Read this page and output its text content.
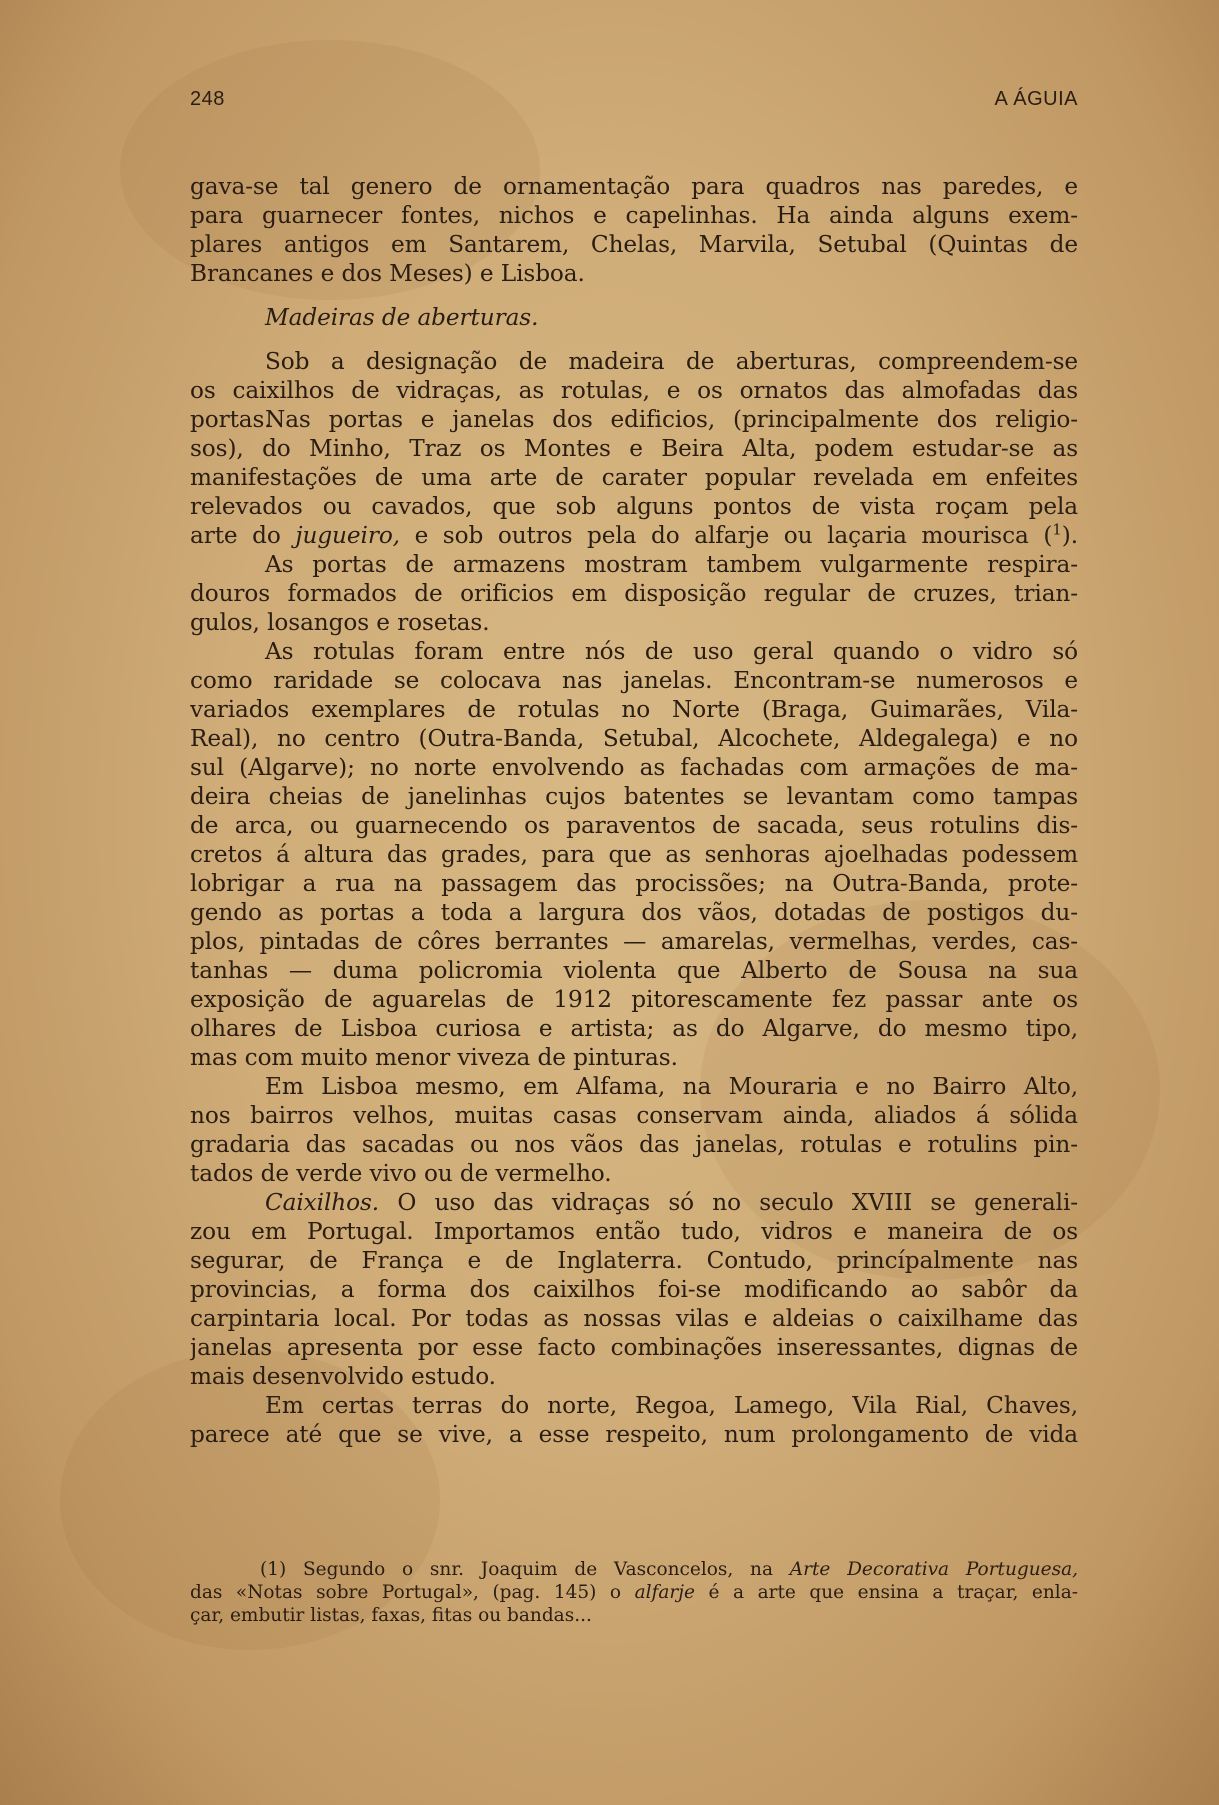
248	A ÁGUIA
gava-se tal genero de ornamentação para quadros nas paredes, e
para guarnecer fontes, nichos e capelinhas. Ha ainda alguns exem-
plares antigos em Santarem, Chelas, Marvila, Setubal (Quintas de
Brancanes e dos Meses) e Lisboa.
Madeiras de aberturas.
Sob a designação de madeira de aberturas, compreendem-se
os caixilhos de vidraças, as rotulas, e os ornatos das almofadas das
portas.
Nas portas e janelas dos edificios, (principalmente dos religio-
sos), do Minho, Traz os Montes e Beira Alta, podem estudar-se as
manifestações de uma arte de carater popular revelada em enfeites
relevados ou cavados, que sob alguns pontos de vista roçam pela
arte do jugueiro, e sob outros pela do alfarje ou laçaria mourisca ($^1$).
As portas de armazens mostram tambem vulgarmente respira-
douros formados de orificios em disposição regular de cruzes, trian-
gulos, losangos e rosetas.
As rotulas foram entre nós de uso geral quando o vidro só
como raridade se colocava nas janelas. Encontram-se numerosos e
variados exemplares de rotulas no Norte (Braga, Guimarães, Vila-
Real), no centro (Outra-Banda, Setubal, Alcochete, Aldegalega) e no
sul (Algarve); no norte envolvendo as fachadas com armações de ma-
deira cheias de janelinhas cujos batentes se levantam como tampas
de arca, ou guarnecendo os paraventos de sacada, seus rotulins dis-
cretos á altura das grades, para que as senhoras ajoelhadas podessem
lobrigar a rua na passagem das procissões; na Outra-Banda, prote-
gendo as portas a toda a largura dos vãos, dotadas de postigos du-
plos, pintadas de côres berrantes — amarelas, vermelhas, verdes, cas-
tanhas — duma policromia violenta que Alberto de Sousa na sua
exposição de aguarelas de 1912 pitorescamente fez passar ante os
olhares de Lisboa curiosa e artista; as do Algarve, do mesmo tipo,
mas com muito menor viveza de pinturas.
Em Lisboa mesmo, em Alfama, na Mouraria e no Bairro Alto,
nos bairros velhos, muitas casas conservam ainda, aliados á sólida
gradaria das sacadas ou nos vãos das janelas, rotulas e rotulins pin-
tados de verde vivo ou de vermelho.
Caixilhos. O uso das vidraças só no seculo XVIII se generali-
zou em Portugal. Importamos então tudo, vidros e maneira de os
segurar, de França e de Inglaterra. Contudo, princípalmente nas
provincias, a forma dos caixilhos foi-se modificando ao sabôr da
carpintaria local. Por todas as nossas vilas e aldeias o caixilhame das
janelas apresenta por esse facto combinações inseressantes, dignas de
mais desenvolvido estudo.
Em certas terras do norte, Regoa, Lamego, Vila Rial, Chaves,
parece até que se vive, a esse respeito, num prolongamento de vida
(1) Segundo o snr. Joaquim de Vasconcelos, na Arte Decorativa Portuguesa,
das «Notas sobre Portugal», (pag. 145) o alfarje é a arte que ensina a traçar, enla-
çar, embutir listas, faxas, fitas ou bandas...
